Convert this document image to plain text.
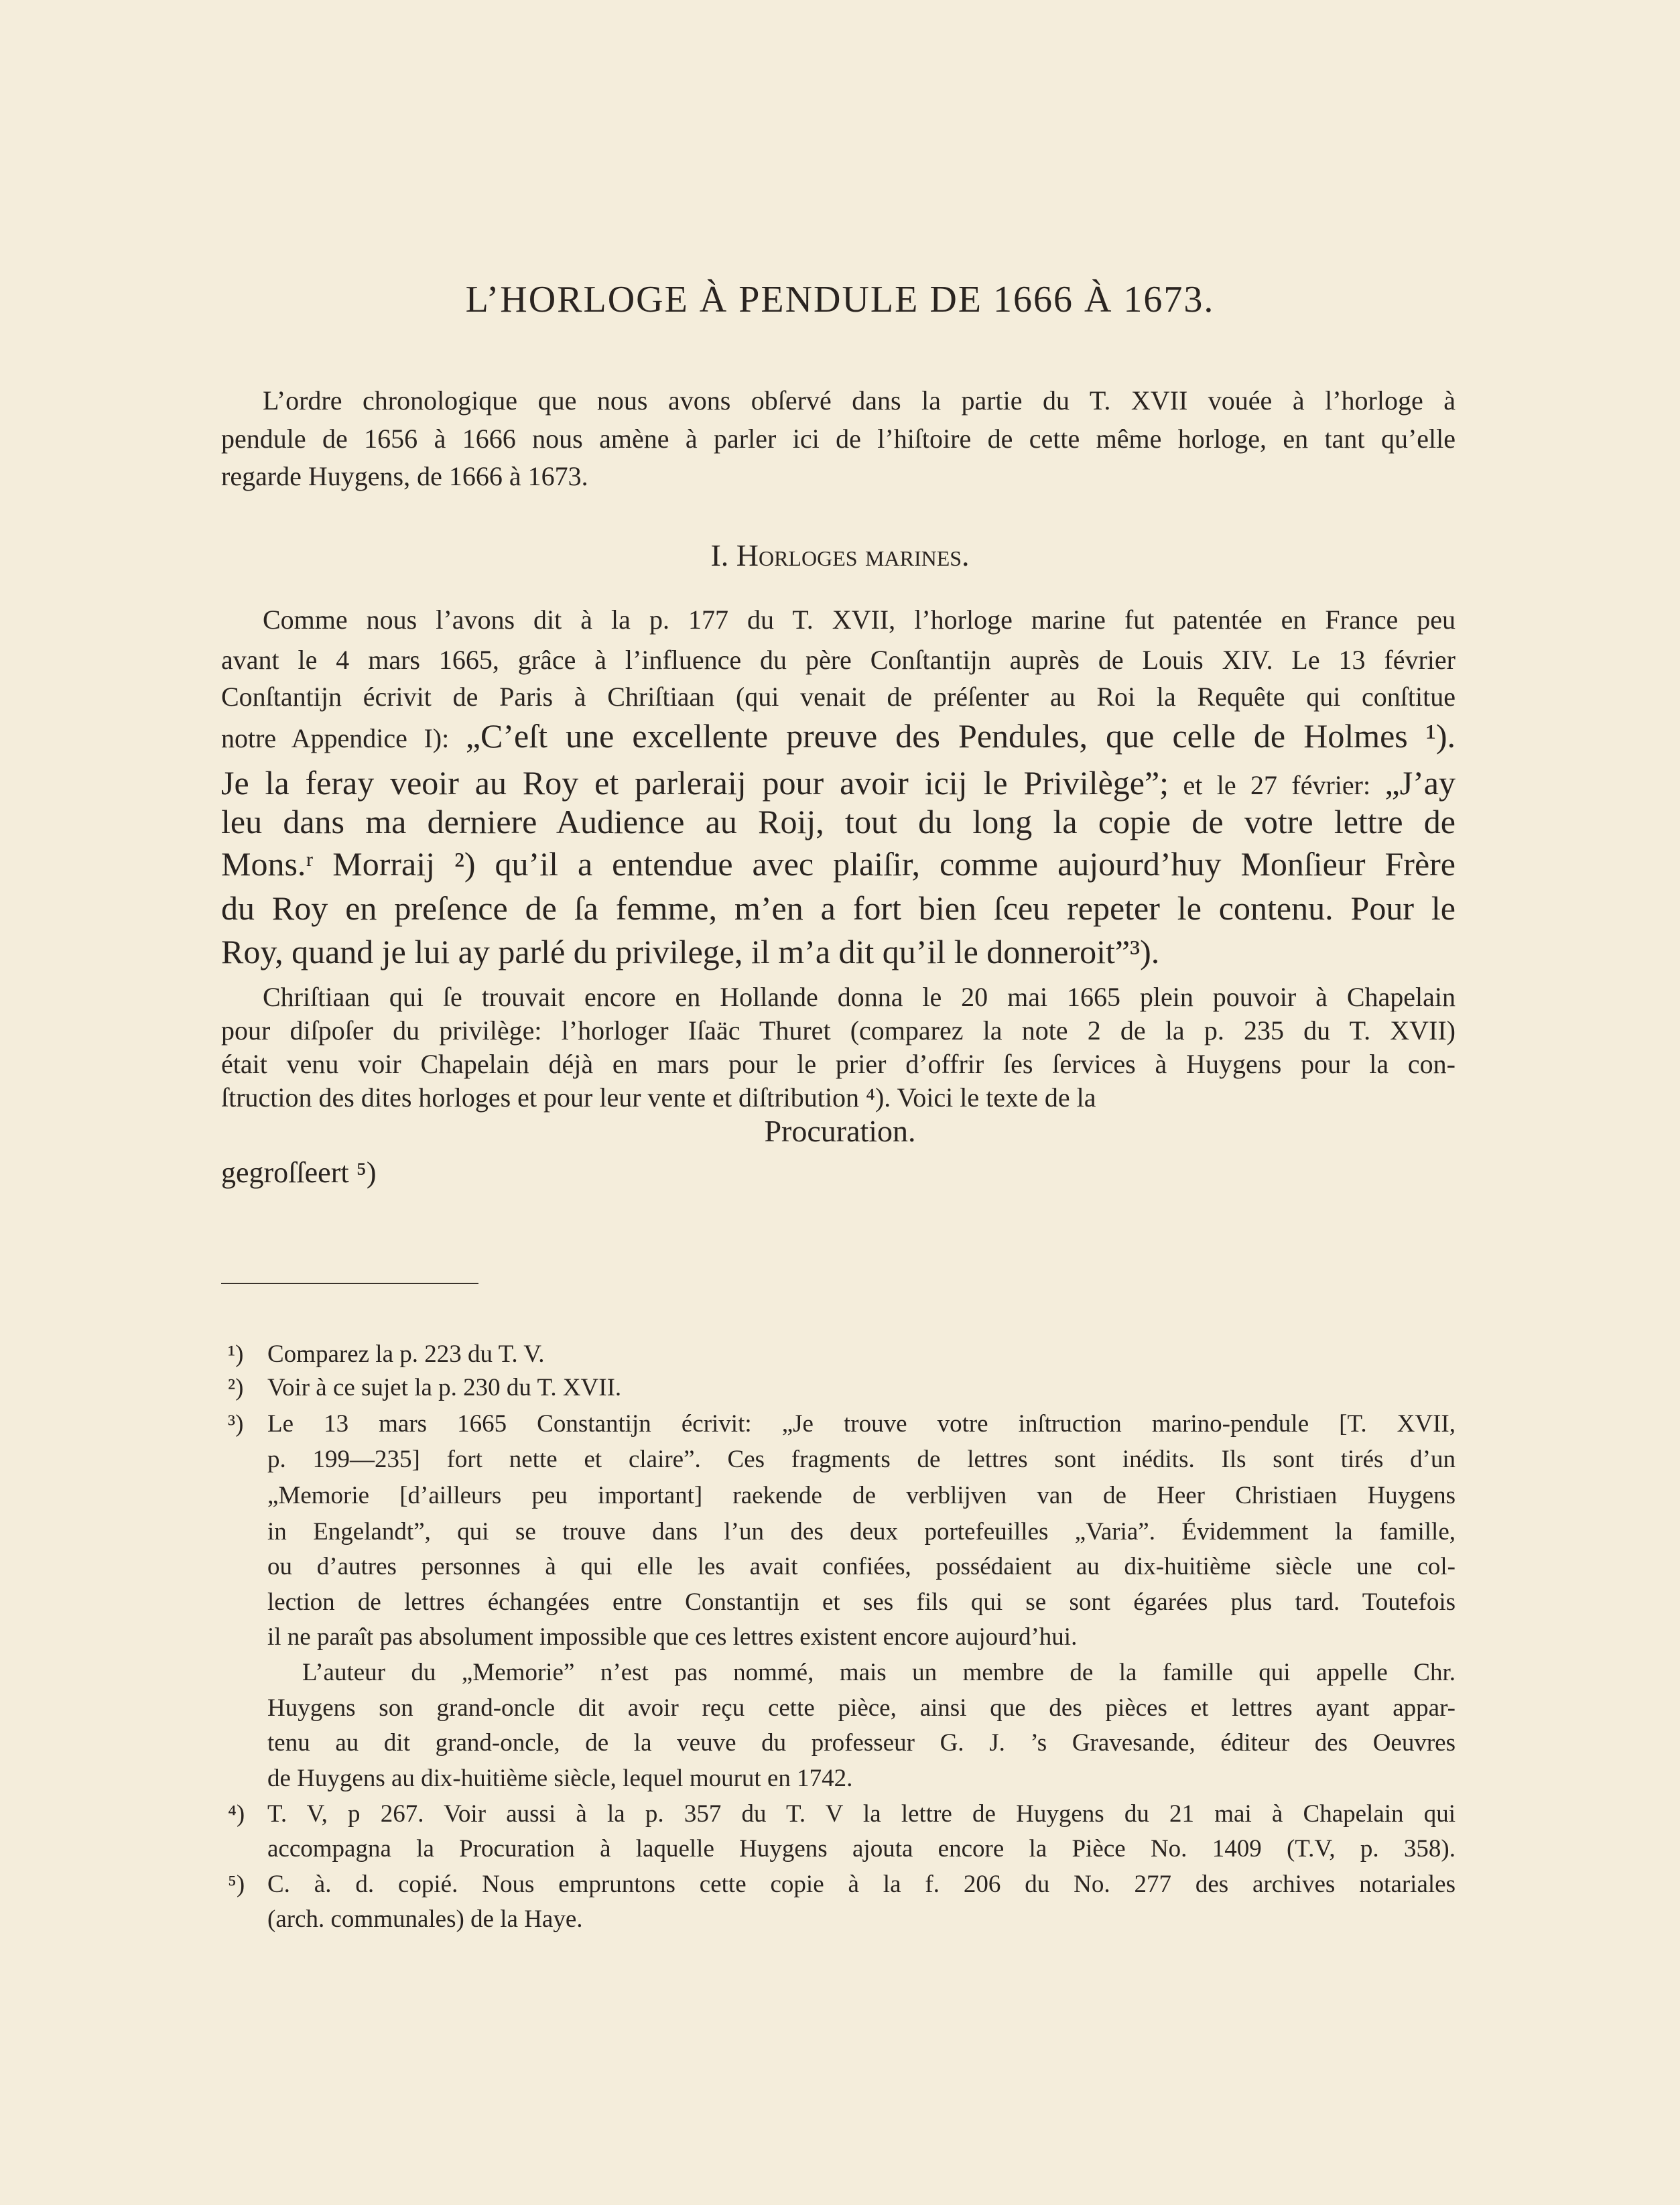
L’HORLOGE À PENDULE DE 1666 À 1673.
L’ordre chronologique que nous avons obſervé dans la partie du T. XVII vouée à l’horloge à
pendule de 1656 à 1666 nous amène à parler ici de l’hiſtoire de cette même horloge, en tant qu’elle
regarde Huygens, de 1666 à 1673.
I. Horloges marines.
Comme nous l’avons dit à la p. 177 du T. XVII, l’horloge marine fut patentée en France peu
avant le 4 mars 1665, grâce à l’influence du père Conſtantijn auprès de Louis XIV. Le 13 février
Conſtantijn écrivit de Paris à Chriſtiaan (qui venait de préſenter au Roi la Requête qui conſtitue
notre Appendice I): „C’eſt une excellente preuve des Pendules, que celle de Holmes ¹).
Je la feray veoir au Roy et parleraij pour avoir icij le Privilège”; et le 27 février: „J’ay
leu dans ma derniere Audience au Roij, tout du long la copie de votre lettre de
Mons.ʳ Morraij ²) qu’il a entendue avec plaiſir, comme aujourd’huy Monſieur Frère
du Roy en preſence de ſa femme, m’en a fort bien ſceu repeter le contenu. Pour le
Roy, quand je lui ay parlé du privilege, il m’a dit qu’il le donneroit”³).
Chriſtiaan qui ſe trouvait encore en Hollande donna le 20 mai 1665 plein pouvoir à Chapelain
pour diſpoſer du privilège: l’horloger Iſaäc Thuret (comparez la note 2 de la p. 235 du T. XVII)
était venu voir Chapelain déjà en mars pour le prier d’offrir ſes ſervices à Huygens pour la con-
ſtruction des dites horloges et pour leur vente et diſtribution ⁴). Voici le texte de la
Procuration.
gegroſſeert ⁵)
¹) Comparez la p. 223 du T. V.
²) Voir à ce sujet la p. 230 du T. XVII.
³) Le 13 mars 1665 Constantijn écrivit: „Je trouve votre inſtruction marino-pendule [T. XVII,
p. 199—235] fort nette et claire”. Ces fragments de lettres sont inédits. Ils sont tirés d’un
„Memorie [d’ailleurs peu important] raekende de verblijven van de Heer Christiaen Huygens
in Engelandt”, qui se trouve dans l’un des deux portefeuilles „Varia”. Évidemment la famille,
ou d’autres personnes à qui elle les avait confiées, possédaient au dix-huitième siècle une col-
lection de lettres échangées entre Constantijn et ses fils qui se sont égarées plus tard. Toutefois
il ne paraît pas absolument impossible que ces lettres existent encore aujourd’hui.
L’auteur du „Memorie” n’est pas nommé, mais un membre de la famille qui appelle Chr.
Huygens son grand-oncle dit avoir reçu cette pièce, ainsi que des pièces et lettres ayant appar-
tenu au dit grand-oncle, de la veuve du professeur G. J. ’s Gravesande, éditeur des Oeuvres
de Huygens au dix-huitième siècle, lequel mourut en 1742.
⁴) T. V, p 267. Voir aussi à la p. 357 du T. V la lettre de Huygens du 21 mai à Chapelain qui
accompagna la Procuration à laquelle Huygens ajouta encore la Pièce No. 1409 (T.V, p. 358).
⁵) C. à. d. copié. Nous empruntons cette copie à la f. 206 du No. 277 des archives notariales
(arch. communales) de la Haye.
